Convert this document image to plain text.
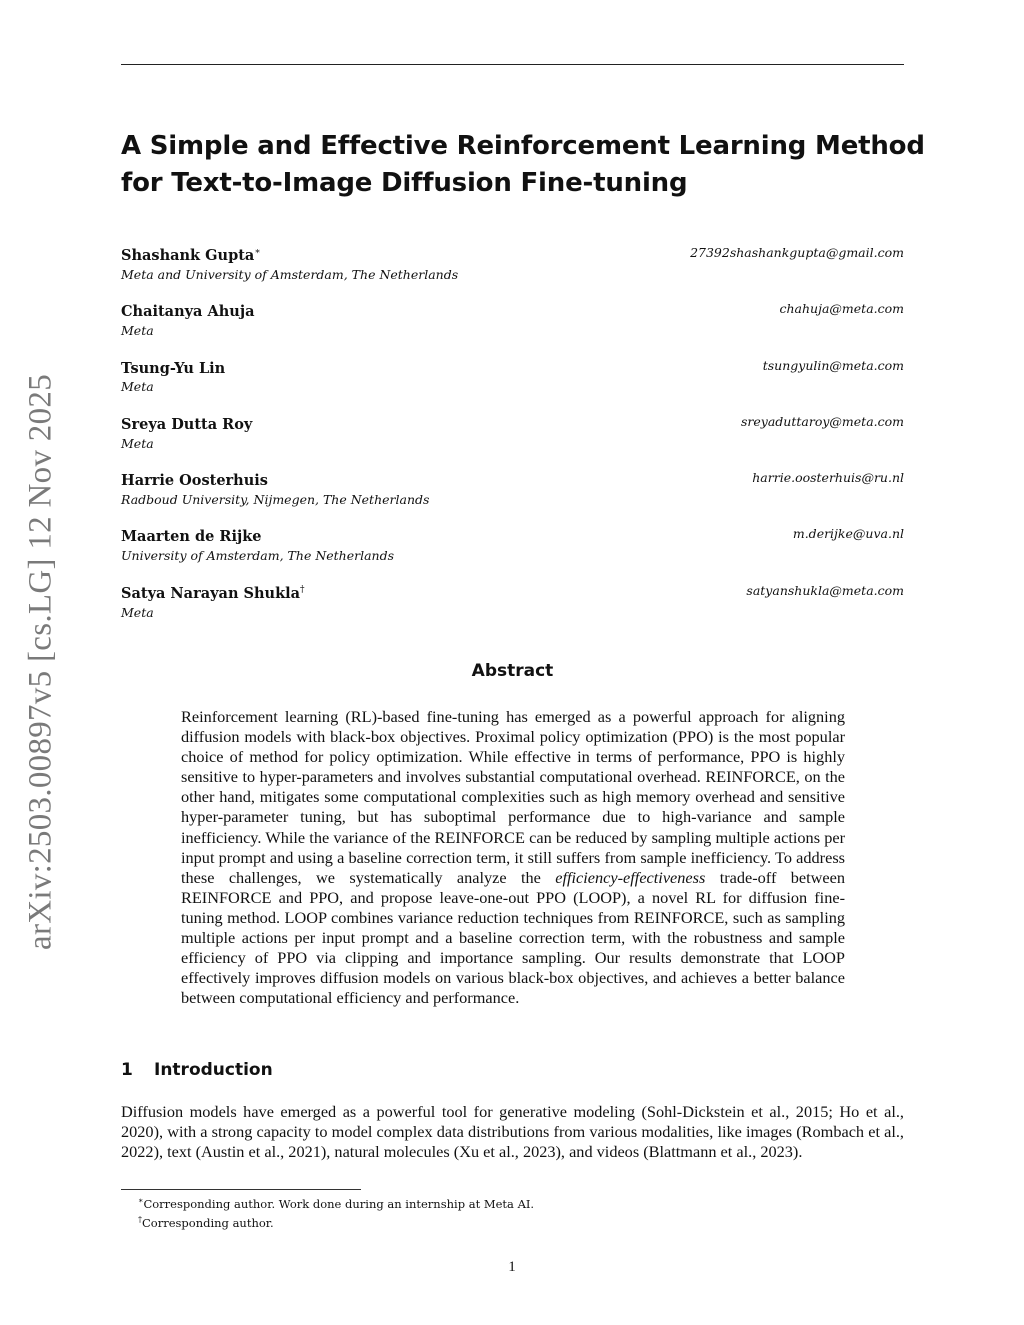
arXiv:2503.00897v5 [cs.LG] 12 Nov 2025
A Simple and Effective Reinforcement Learning Method
for Text-to-Image Diffusion Fine-tuning
Shashank Gupta∗
Meta and University of Amsterdam, The Netherlands
27392shashankgupta@gmail.com
Chaitanya Ahuja
Meta
chahuja@meta.com
Tsung-Yu Lin
Meta
tsungyulin@meta.com
Sreya Dutta Roy
Meta
sreyaduttaroy@meta.com
Harrie Oosterhuis
Radboud University, Nijmegen, The Netherlands
harrie.oosterhuis@ru.nl
Maarten de Rijke
University of Amsterdam, The Netherlands
m.derijke@uva.nl
Satya Narayan Shukla†
Meta
satyanshukla@meta.com
Abstract

Reinforcement learning (RL)-based fine-tuning has emerged as a powerful approach for aligning diffusion models with black-box objectives. Proximal policy optimization (PPO) is the most popular choice of method for policy optimization. While effective in terms of performance, PPO is highly sensitive to hyper-parameters and involves substantial computational overhead. REINFORCE, on the other hand, mitigates some computational complexities such as high memory overhead and sensitive hyper-parameter tuning, but has suboptimal performance due to high-variance and sample inefficiency. While the variance of the REINFORCE can be reduced by sampling multiple actions per input prompt and using a baseline correction term, it still suffers from sample inefficiency. To address these challenges, we systematically analyze the efficiency-effectiveness trade-off between REINFORCE and PPO, and propose leave-one-out PPO (LOOP), a novel RL for diffusion fine-tuning method. LOOP combines variance reduction techniques from REINFORCE, such as sampling multiple actions per input prompt and a baseline correction term, with the robustness and sample efficiency of PPO via clipping and importance sampling. Our results demonstrate that LOOP effectively improves diffusion models on various black-box objectives, and achieves a better balance between computational efficiency and performance.

1 Introduction

Diffusion models have emerged as a powerful tool for generative modeling (Sohl-Dickstein et al., 2015; Ho et al., 2020), with a strong capacity to model complex data distributions from various modalities, like images (Rombach et al., 2022), text (Austin et al., 2021), natural molecules (Xu et al., 2023), and videos (Blattmann et al., 2023).

∗Corresponding author. Work done during an internship at Meta AI.
†Corresponding author.
1
